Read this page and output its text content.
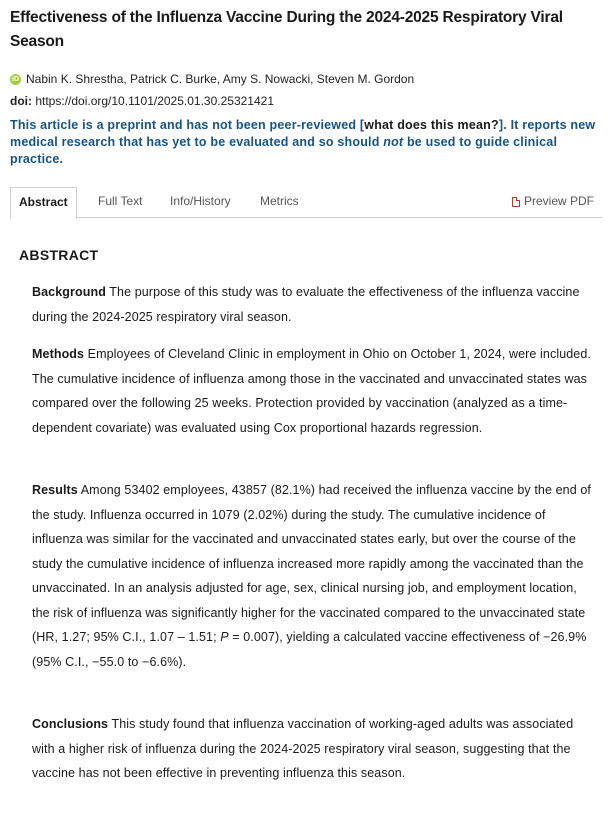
Effectiveness of the Influenza Vaccine During the 2024-2025 Respiratory Viral Season
iD Nabin K. Shrestha, Patrick C. Burke, Amy S. Nowacki, Steven M. Gordon
doi: https://doi.org/10.1101/2025.01.30.25321421
This article is a preprint and has not been peer-reviewed [what does this mean?]. It reports new medical research that has yet to be evaluated and so should not be used to guide clinical practice.
Abstract	Full Text Info/History Metrics	Preview PDF
ABSTRACT
Background The purpose of this study was to evaluate the effectiveness of the influenza vaccine during the 2024-2025 respiratory viral season.
Methods Employees of Cleveland Clinic in employment in Ohio on October 1, 2024, were included. The cumulative incidence of influenza among those in the vaccinated and unvaccinated states was compared over the following 25 weeks. Protection provided by vaccination (analyzed as a time-dependent covariate) was evaluated using Cox proportional hazards regression.
Results Among 53402 employees, 43857 (82.1%) had received the influenza vaccine by the end of the study. Influenza occurred in 1079 (2.02%) during the study. The cumulative incidence of influenza was similar for the vaccinated and unvaccinated states early, but over the course of the study the cumulative incidence of influenza increased more rapidly among the vaccinated than the unvaccinated. In an analysis adjusted for age, sex, clinical nursing job, and employment location, the risk of influenza was significantly higher for the vaccinated compared to the unvaccinated state (HR, 1.27; 95% C.I., 1.07 – 1.51; P = 0.007), yielding a calculated vaccine effectiveness of −26.9% (95% C.I., −55.0 to −6.6%).
Conclusions This study found that influenza vaccination of working-aged adults was associated with a higher risk of influenza during the 2024-2025 respiratory viral season, suggesting that the vaccine has not been effective in preventing influenza this season.
